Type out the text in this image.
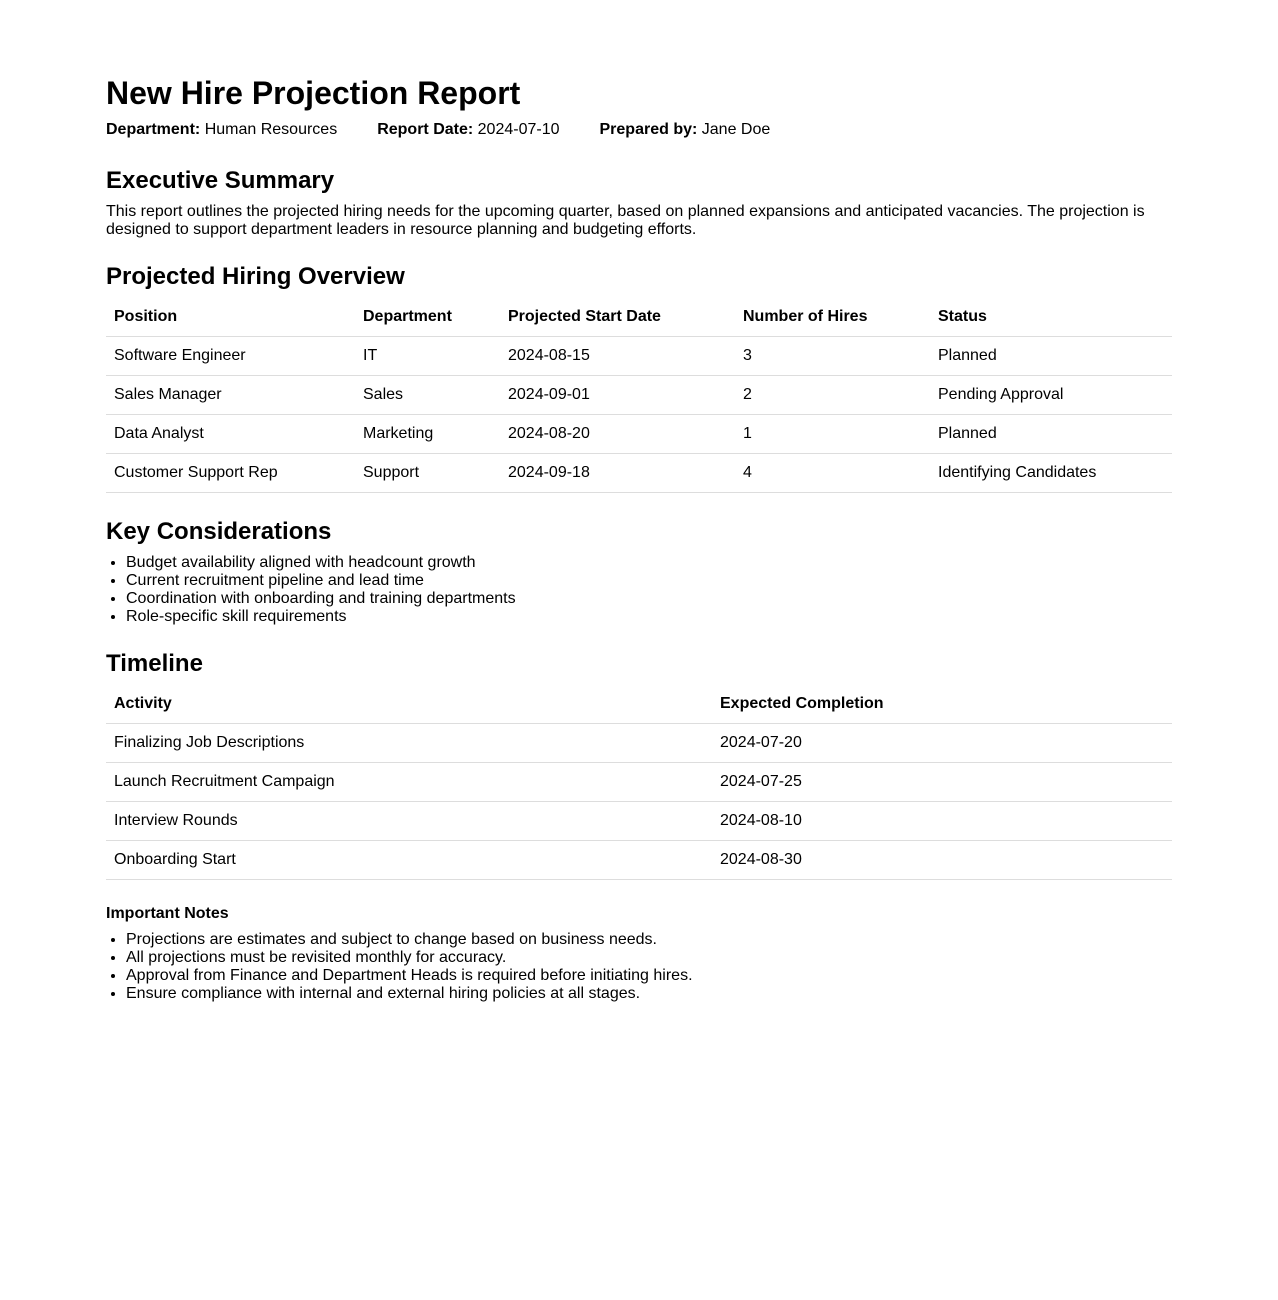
New Hire Projection Report
Department: Human Resources	Report Date: 2024-07-10	Prepared by: Jane Doe
Executive Summary

This report outlines the projected hiring needs for the upcoming quarter, based on planned expansions and anticipated vacancies. The projection is designed to support department leaders in resource planning and budgeting efforts.

Projected Hiring Overview
Position	Department	Projected Start Date	Number of Hires	Status
Software Engineer	IT	2024-08-15	3	Planned
Sales Manager	Sales	2024-09-01	2	Pending Approval
Data Analyst	Marketing	2024-08-20	1	Planned
Customer Support Rep	Support	2024-09-18	4	Identifying Candidates
Key Considerations
• Budget availability aligned with headcount growth
• Current recruitment pipeline and lead time
• Coordination with onboarding and training departments
• Role-specific skill requirements
Timeline
Activity	Expected Completion
Finalizing Job Descriptions	2024-07-20
Launch Recruitment Campaign	2024-07-25
Interview Rounds	2024-08-10
Onboarding Start	2024-08-30
Important Notes
• Projections are estimates and subject to change based on business needs.
• All projections must be revisited monthly for accuracy.
• Approval from Finance and Department Heads is required before initiating hires.
• Ensure compliance with internal and external hiring policies at all stages.
